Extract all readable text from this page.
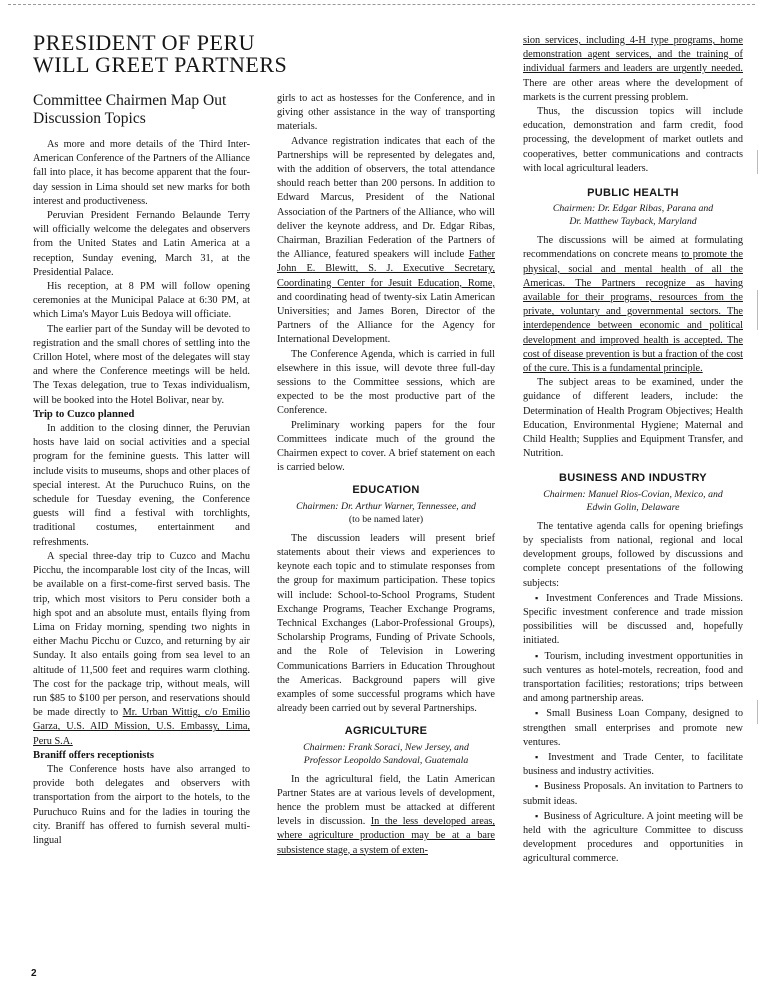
PRESIDENT OF PERU
WILL GREET PARTNERS
Committee Chairmen Map Out Discussion Topics

As more and more details of the Third Inter-American Conference of the Partners of the Alliance fall into place, it has become apparent that the four-day session in Lima should set new marks for both interest and productiveness.

Peruvian President Fernando Belaunde Terry will officially welcome the delegates and observers from the United States and Latin America at a reception, Sunday evening, March 31, at the Presidential Palace.

His reception, at 8 PM will follow opening ceremonies at the Municipal Palace at 6:30 PM, at which Lima's Mayor Luis Bedoya will officiate.

The earlier part of the Sunday will be devoted to registration and the small chores of settling into the Crillon Hotel, where most of the delegates will stay and where the Conference meetings will be held. The Texas delegation, true to Texas individualism, will be booked into the Hotel Bolivar, near by.

Trip to Cuzco planned

In addition to the closing dinner, the Peruvian hosts have laid on social activities and a special program for the feminine guests. This latter will include visits to museums, shops and other places of special interest. At the Puruchuco Ruins, on the schedule for Tuesday evening, the Conference guests will find a festival with torchlights, traditional costumes, entertainment and refreshments.

A special three-day trip to Cuzco and Machu Picchu, the incomparable lost city of the Incas, will be available on a first-come-first served basis. The trip, which most visitors to Peru consider both a high spot and an absolute must, entails flying from Lima on Friday morning, spending two nights in either Machu Picchu or Cuzco, and returning by air Sunday. It also entails going from sea level to an altitude of 11,500 feet and requires warm clothing. The cost for the package trip, without meals, will run $85 to $100 per person, and reservations should be made directly to Mr. Urban Wittig, c/o Emilio Garza, U.S. AID Mission, U.S. Embassy, Lima, Peru S.A.

Braniff offers receptionists

The Conference hosts have also arranged to provide both delegates and observers with transportation from the airport to the hotels, to the Puruchuco Ruins and for the ladies in touring the city. Braniff has offered to furnish several multi-lingual

girls to act as hostesses for the Conference, and in giving other assistance in the way of transporting materials.

Advance registration indicates that each of the Partnerships will be represented by delegates and, with the addition of observers, the total attendance should reach better than 200 persons. In addition to Edward Marcus, President of the National Association of the Partners of the Alliance, who will deliver the keynote address, and Dr. Edgar Ribas, Chairman, Brazilian Federation of the Partners of the Alliance, featured speakers will include Father John E. Blewitt, S. J. Executive Secretary, Coordinating Center for Jesuit Education, Rome, and coordinating head of twenty-six Latin American Universities; and James Boren, Director of the Partners of the Alliance for the Agency for International Development.

The Conference Agenda, which is carried in full elsewhere in this issue, will devote three full-day sessions to the Committee sessions, which are expected to be the most productive part of the Conference.

Preliminary working papers for the four Committees indicate much of the ground the Chairmen expect to cover. A brief statement on each is carried below.

EDUCATION
Chairmen: Dr. Arthur Warner, Tennessee, and
(to be named later)

The discussion leaders will present brief statements about their views and experiences to keynote each topic and to stimulate responses from the group for maximum participation. These topics will include: School-to-School Programs, Student Exchange Programs, Teacher Exchange Programs, Technical Exchanges (Labor-Professional Groups), Scholarship Programs, Funding of Private Schools, and the Role of Television in Lowering Communications Barriers in Education Throughout the Americas. Background papers will give examples of some successful programs which have already been carried out by several Partnerships.

AGRICULTURE
Chairmen: Frank Soraci, New Jersey, and
Professor Leopoldo Sandoval, Guatemala

In the agricultural field, the Latin American Partner States are at various levels of development, hence the problem must be attacked at different levels in discussion. In the less developed areas, where agriculture production may be at a bare subsistence stage, a system of exten-

sion services, including 4-H type programs, home demonstration agent services, and the training of individual farmers and leaders are urgently needed. There are other areas where the development of markets is the current pressing problem.

Thus, the discussion topics will include education, demonstration and farm credit, food processing, the development of market outlets and cooperatives, better communications and contracts with local agricultural leaders.

PUBLIC HEALTH
Chairmen: Dr. Edgar Ribas, Parana and
Dr. Matthew Tayback, Maryland

The discussions will be aimed at formulating recommendations on concrete means to promote the physical, social and mental health of all the Americas. The Partners recognize as having available for their programs, resources from the private, voluntary and governmental sectors. The interdependence between economic and political development and improved health is accepted. The cost of disease prevention is but a fraction of the cost of the cure. This is a fundamental principle.

The subject areas to be examined, under the guidance of different leaders, include: the Determination of Health Program Objectives; Health Education, Environmental Hygiene; Maternal and Child Health; Supplies and Equipment Transfer, and Nutrition.

BUSINESS AND INDUSTRY
Chairmen: Manuel Rios-Covian, Mexico, and
Edwin Golin, Delaware

The tentative agenda calls for opening briefings by specialists from national, regional and local development groups, followed by discussions and complete concept presentations of the following subjects:

▪ Investment Conferences and Trade Missions. Specific investment conference and trade mission possibilities will be discussed and, hopefully initiated.
▪ Tourism, including investment opportunities in such ventures as hotel-motels, recreation, food and transportation facilities; restorations; trips between and among partnership areas.
▪ Small Business Loan Company, designed to strengthen small enterprises and promote new ventures.
▪ Investment and Trade Center, to facilitate business and industry activities.
▪ Business Proposals. An invitation to Partners to submit ideas.
▪ Business of Agriculture. A joint meeting will be held with the agriculture Committee to discuss development procedures and opportunities in agricultural commerce.
2
